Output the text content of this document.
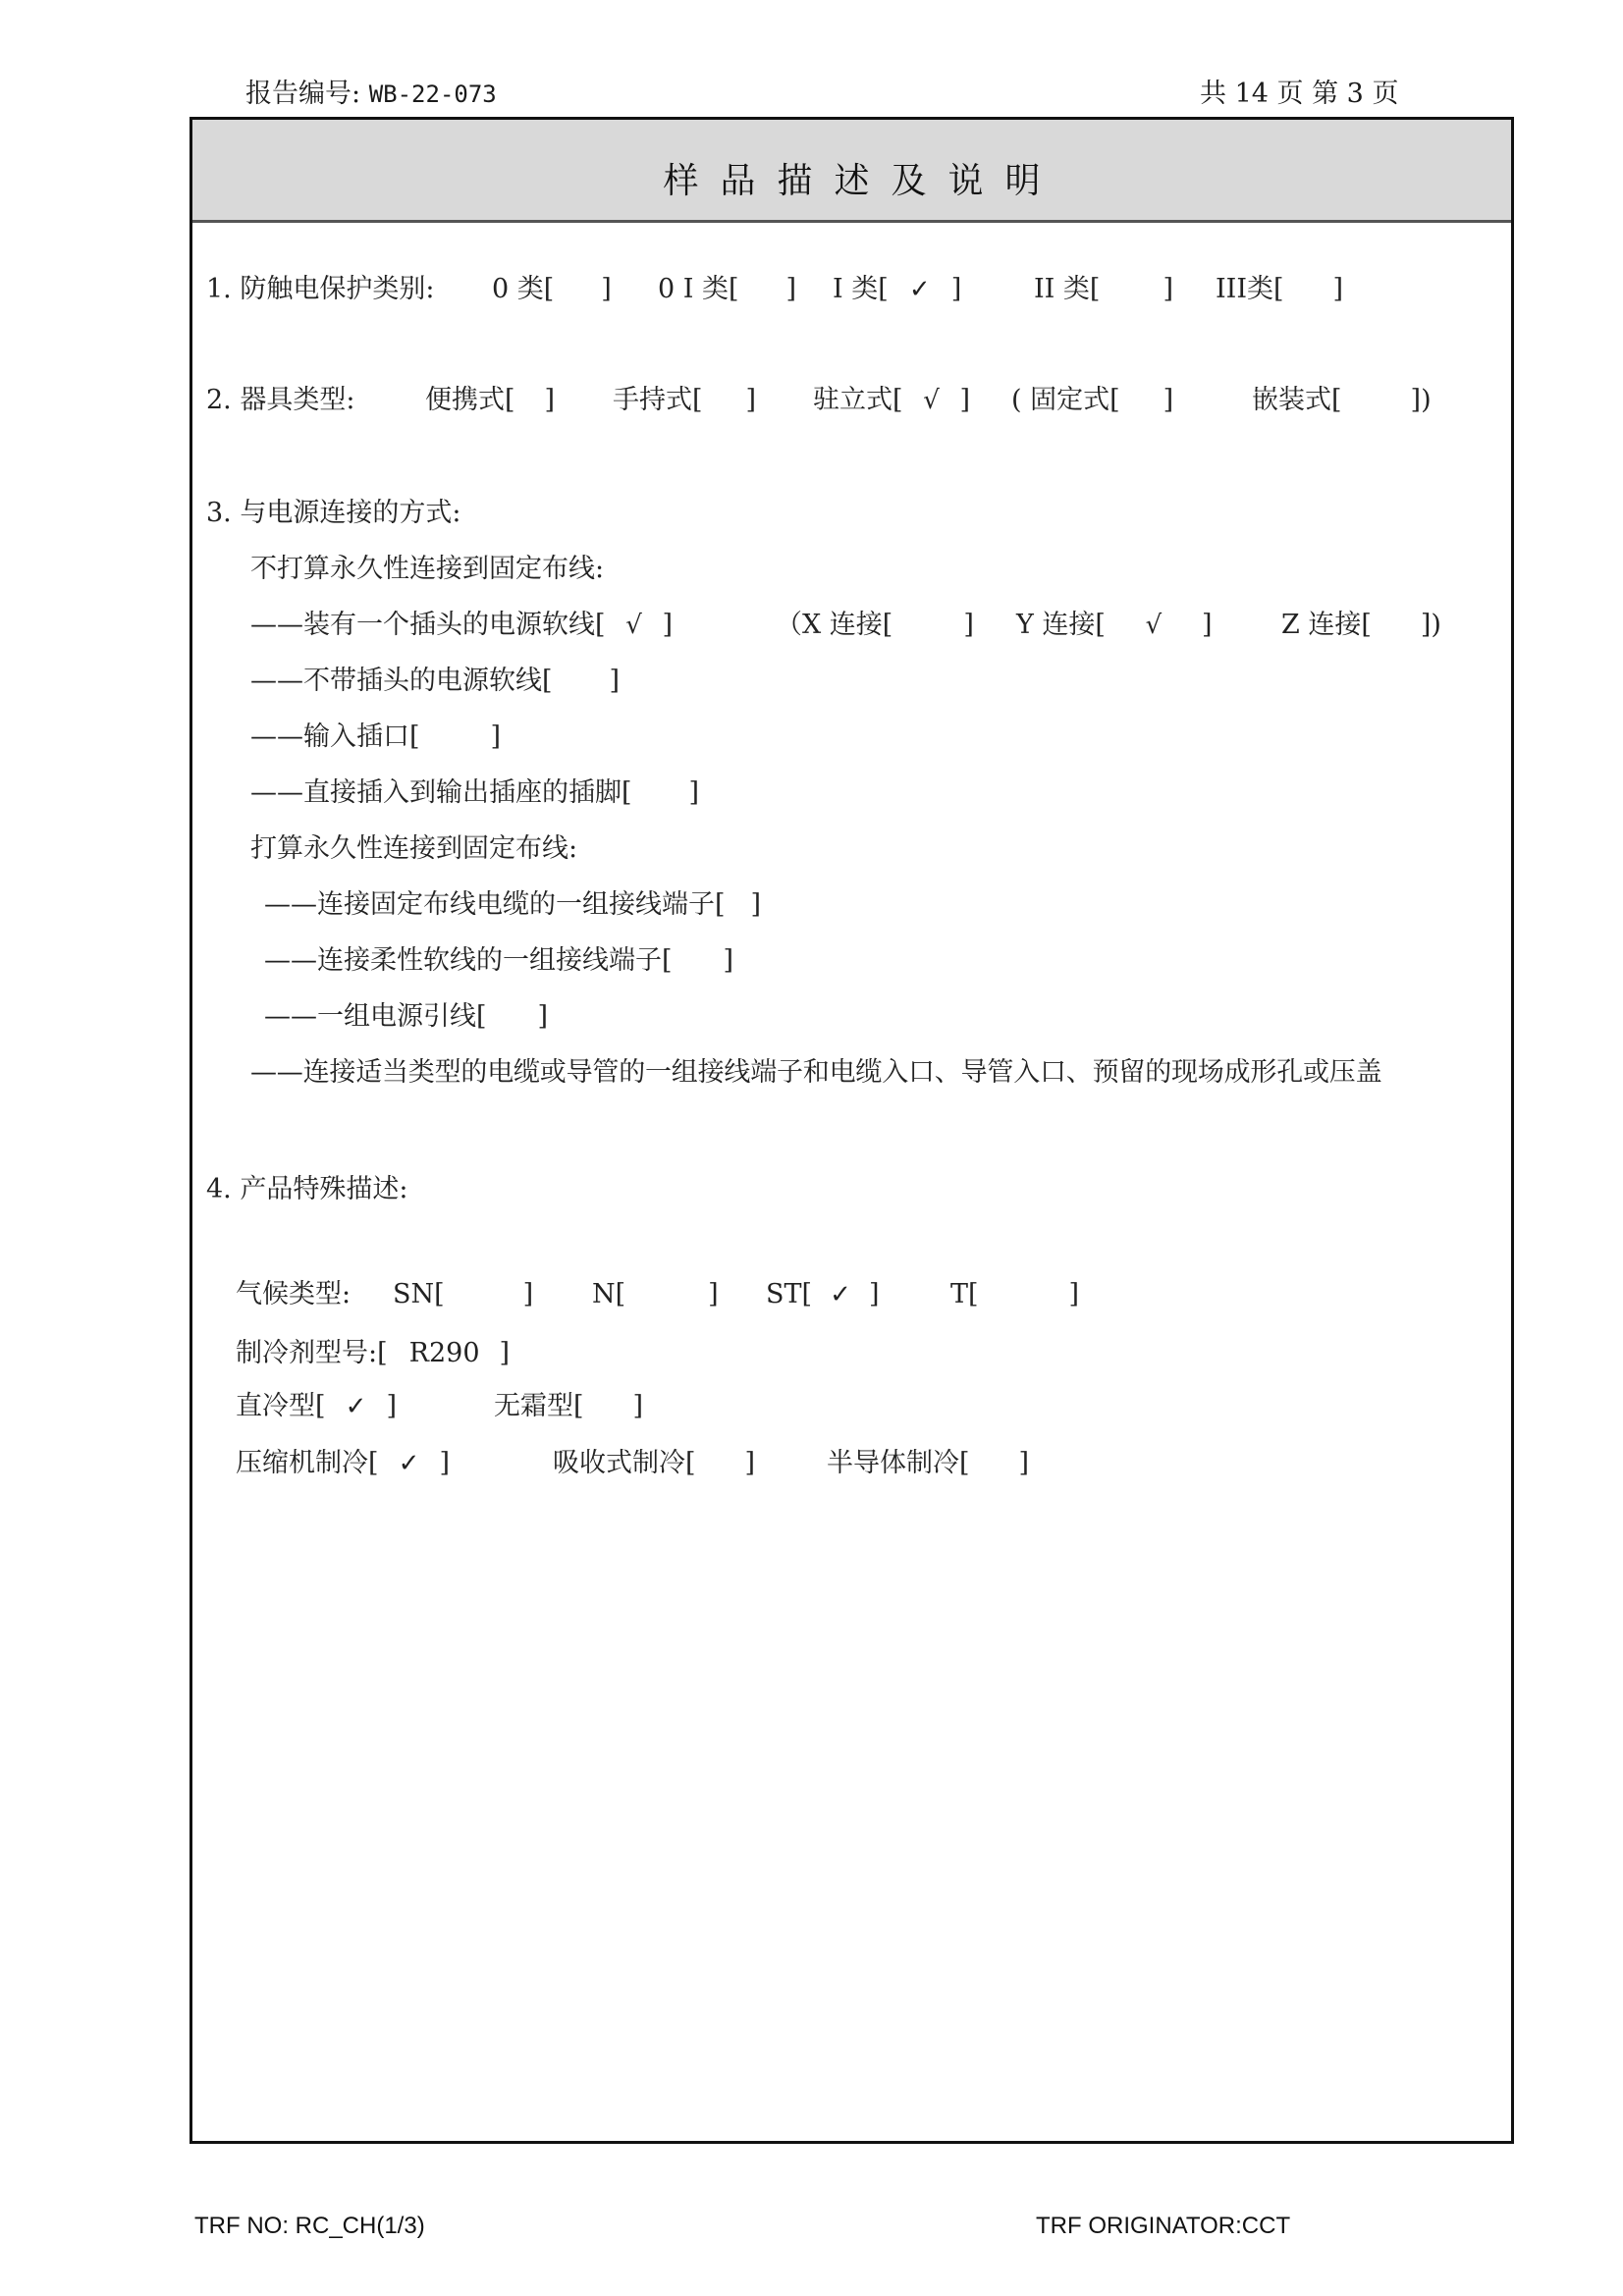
报告编号: WB-22-073	共 14 页 第 3 页
样品描述及说明
1. 防触电保护类别: 0 类[ ] 0 I 类[ ] I 类[ ✓ ]	II 类[ ] III类[ ]
2. 器具类型:	便携式[ ] 手持式[ ] 驻立式[ √ ] ( 固定式[ ]	嵌装式[	])
3. 与电源连接的方式:
不打算永久性连接到固定布线:
——装有一个插头的电源软线[ √ ]	（X 连接[	] Y 连接[ √ ]	Z 连接[ ])
——不带插头的电源软线[ ]
——输入插口[	]
——直接插入到输出插座的插脚[ ]
打算永久性连接到固定布线:
——连接固定布线电缆的一组接线端子[ ]
——连接柔性软线的一组接线端子[ ]
——一组电源引线[ ]
——连接适当类型的电缆或导管的一组接线端子和电缆入口、导管入口、预留的现场成形孔或压盖
4. 产品特殊描述:
气候类型: SN[	] N[	] ST[ ✓ ]	T[	]
制冷剂型号:[ R290 ]
直冷型[ ✓ ]	无霜型[ ]
压缩机制冷[ ✓ ]	吸收式制冷[ ]	半导体制冷[ ]
TRF NO: RC_CH(1/3)	TRF ORIGINATOR:CCT
